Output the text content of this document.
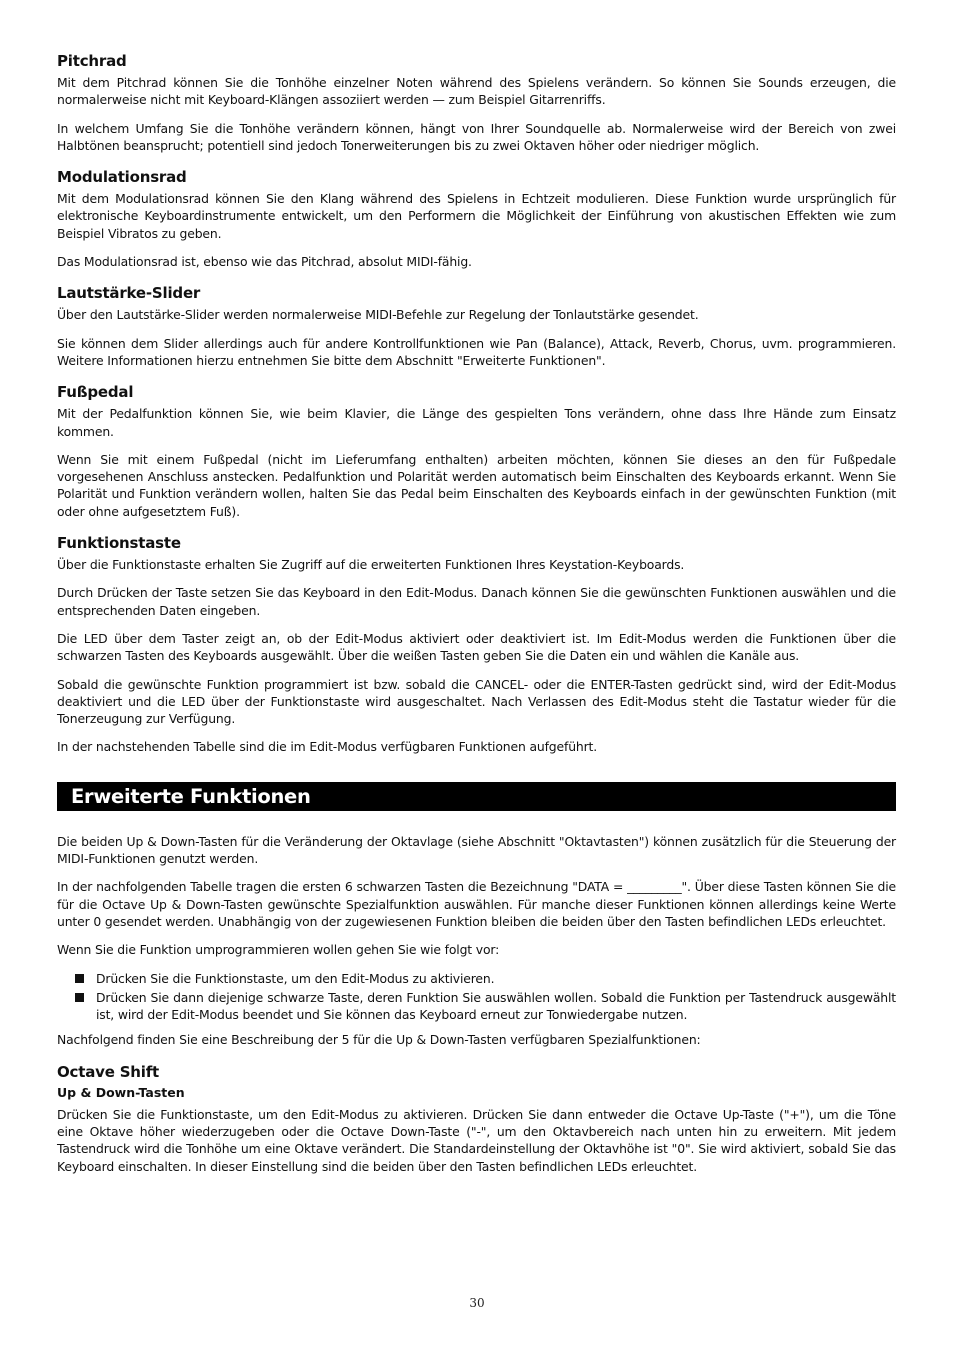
Pitchrad

Mit dem Pitchrad können Sie die Tonhöhe einzelner Noten während des Spielens verändern. So können Sie Sounds erzeugen, die normalerweise nicht mit Keyboard-Klängen assoziiert werden — zum Beispiel Gitarrenriffs.

In welchem Umfang Sie die Tonhöhe verändern können, hängt von Ihrer Soundquelle ab. Normalerweise wird der Bereich von zwei Halbtönen beansprucht; potentiell sind jedoch Tonerweiterungen bis zu zwei Oktaven höher oder niedriger möglich.

Modulationsrad

Mit dem Modulationsrad können Sie den Klang während des Spielens in Echtzeit modulieren. Diese Funktion wurde ursprünglich für elektronische Keyboardinstrumente entwickelt, um den Performern die Möglichkeit der Einführung von akustischen Effekten wie zum Beispiel Vibratos zu geben.

Das Modulationsrad ist, ebenso wie das Pitchrad, absolut MIDI-fähig.

Lautstärke-Slider

Über den Lautstärke-Slider werden normalerweise MIDI-Befehle zur Regelung der Tonlautstärke gesendet.

Sie können dem Slider allerdings auch für andere Kontrollfunktionen wie Pan (Balance), Attack, Reverb, Chorus, uvm. programmieren. Weitere Informationen hierzu entnehmen Sie bitte dem Abschnitt "Erweiterte Funktionen".

Fußpedal

Mit der Pedalfunktion können Sie, wie beim Klavier, die Länge des gespielten Tons verändern, ohne dass Ihre Hände zum Einsatz kommen.

Wenn Sie mit einem Fußpedal (nicht im Lieferumfang enthalten) arbeiten möchten, können Sie dieses an den für Fußpedale vorgesehenen Anschluss anstecken. Pedalfunktion und Polarität werden automatisch beim Einschalten des Keyboards erkannt. Wenn Sie Polarität und Funktion verändern wollen, halten Sie das Pedal beim Einschalten des Keyboards einfach in der gewünschten Funktion (mit oder ohne aufgesetztem Fuß).

Funktionstaste

Über die Funktionstaste erhalten Sie Zugriff auf die erweiterten Funktionen Ihres Keystation-Keyboards.

Durch Drücken der Taste setzen Sie das Keyboard in den Edit-Modus. Danach können Sie die gewünschten Funktionen auswählen und die entsprechenden Daten eingeben.

Die LED über dem Taster zeigt an, ob der Edit-Modus aktiviert oder deaktiviert ist. Im Edit-Modus werden die Funktionen über die schwarzen Tasten des Keyboards ausgewählt. Über die weißen Tasten geben Sie die Daten ein und wählen die Kanäle aus.

Sobald die gewünschte Funktion programmiert ist bzw. sobald die CANCEL- oder die ENTER-Tasten gedrückt sind, wird der Edit-Modus deaktiviert und die LED über der Funktionstaste wird ausgeschaltet. Nach Verlassen des Edit-Modus steht die Tastatur wieder für die Tonerzeugung zur Verfügung.

In der nachstehenden Tabelle sind die im Edit-Modus verfügbaren Funktionen aufgeführt.

Erweiterte Funktionen

Die beiden Up & Down-Tasten für die Veränderung der Oktavlage (siehe Abschnitt "Oktavtasten") können zusätzlich für die Steuerung der MIDI-Funktionen genutzt werden.

In der nachfolgenden Tabelle tragen die ersten 6 schwarzen Tasten die Bezeichnung "DATA = _________". Über diese Tasten können Sie die für die Octave Up & Down-Tasten gewünschte Spezialfunktion auswählen. Für manche dieser Funktionen können allerdings keine Werte unter 0 gesendet werden. Unabhängig von der zugewiesenen Funktion bleiben die beiden über den Tasten befindlichen LEDs erleuchtet.

Wenn Sie die Funktion umprogrammieren wollen gehen Sie wie folgt vor:

Drücken Sie die Funktionstaste, um den Edit-Modus zu aktivieren.
Drücken Sie dann diejenige schwarze Taste, deren Funktion Sie auswählen wollen. Sobald die Funktion per Tastendruck ausgewählt ist, wird der Edit-Modus beendet und Sie können das Keyboard erneut zur Tonwiedergabe nutzen.

Nachfolgend finden Sie eine Beschreibung der 5 für die Up & Down-Tasten verfügbaren Spezialfunktionen:

Octave Shift
Up & Down-Tasten

Drücken Sie die Funktionstaste, um den Edit-Modus zu aktivieren. Drücken Sie dann entweder die Octave Up-Taste ("+"), um die Töne eine Oktave höher wiederzugeben oder die Octave Down-Taste ("-", um den Oktavbereich nach unten hin zu erweitern. Mit jedem Tastendruck wird die Tonhöhe um eine Oktave verändert. Die Standardeinstellung der Oktavhöhe ist "0". Sie wird aktiviert, sobald Sie das Keyboard einschalten. In dieser Einstellung sind die beiden über den Tasten befindlichen LEDs erleuchtet.

30
